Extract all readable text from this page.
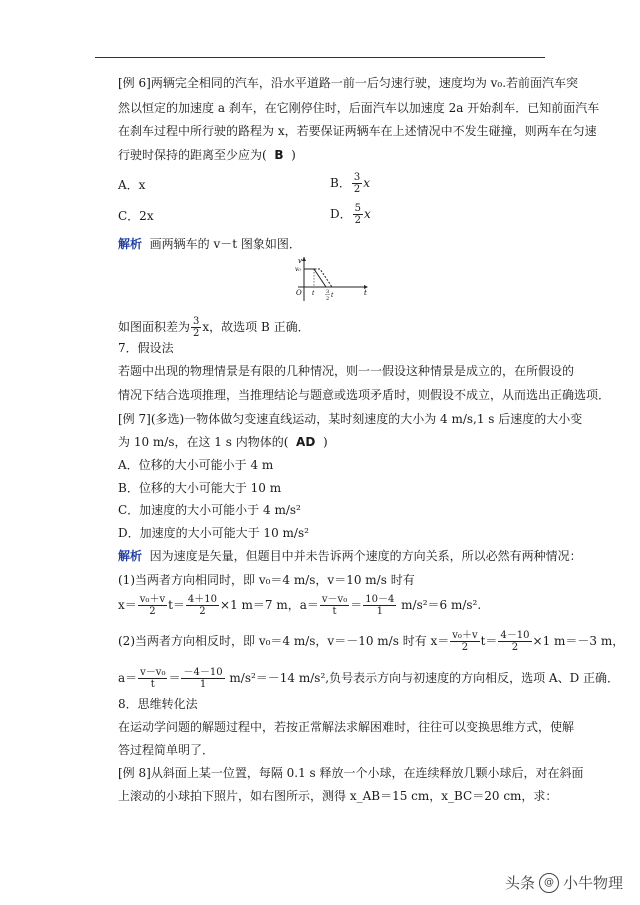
[例 6]两辆完全相同的汽车，沿水平道路一前一后匀速行驶，速度均为 v₀.若前面汽车突
然以恒定的加速度 a 刹车，在它刚停住时，后面汽车以加速度 2a 开始刹车．已知前面汽车
在刹车过程中所行驶的路程为 x，若要保证两辆车在上述情况中不发生碰撞，则两车在匀速
行驶时保持的距离至少应为( B )
A．x	B． $\frac{3}{2}$ x
C．2x	D． $\frac{5}{2}$ x
解析 画两辆车的 v－t 图象如图．
v
v₀
O	t
t 3
2 t
如图面积差为 $\frac{3}{2}$ x，故选项 B 正确．
7．假设法
若题中出现的物理情景是有限的几种情况，则一一假设这种情景是成立的，在所假设的
情况下结合选项推理，当推理结论与题意或选项矛盾时，则假设不成立，从而选出正确选项．
[例 7](多选)一物体做匀变速直线运动，某时刻速度的大小为 4 m/s,1 s 后速度的大小变
为 10 m/s，在这 1 s 内物体的( AD )
A．位移的大小可能小于 4 m
B．位移的大小可能大于 10 m
C．加速度的大小可能小于 4 m/s²
D．加速度的大小可能大于 10 m/s²
解析 因为速度是矢量，但题目中并未告诉两个速度的方向关系，所以必然有两种情况：
(1)当两者方向相同时，即 v₀＝4 m/s，v＝10 m/s 时有
$x= \frac{\text{v₀＋v}}{2} t= \frac{4+10}{2} \times 1$ m＝7 m，$a= \frac{\text{v－v₀}}{t} = \frac{10-4}{1} m/s^2=6$ m/s².
(2)当两者方向相反时，即 v₀＝4 m/s，v＝－10 m/s 时有 $x= \frac{\text{v₀＋v}}{2} t= \frac{4-10}{2} \times 1$ m＝－3 m，
$a= \frac{\text{v－v₀}}{t} = \frac{-4-10}{1} m/s^2=-14$ m/s²,负号表示方向与初速度的方向相反，选项 A、D 正确．
8．思维转化法
在运动学问题的解题过程中，若按正常解法求解困难时，往往可以变换思维方式，使解
答过程简单明了．
[例 8]从斜面上某一位置，每隔 0.1 s 释放一个小球，在连续释放几颗小球后，对在斜面
上滚动的小球拍下照片，如右图所示，测得 x_AB＝15 cm，x_BC＝20 cm，求：
头条 @ 小牛物理
